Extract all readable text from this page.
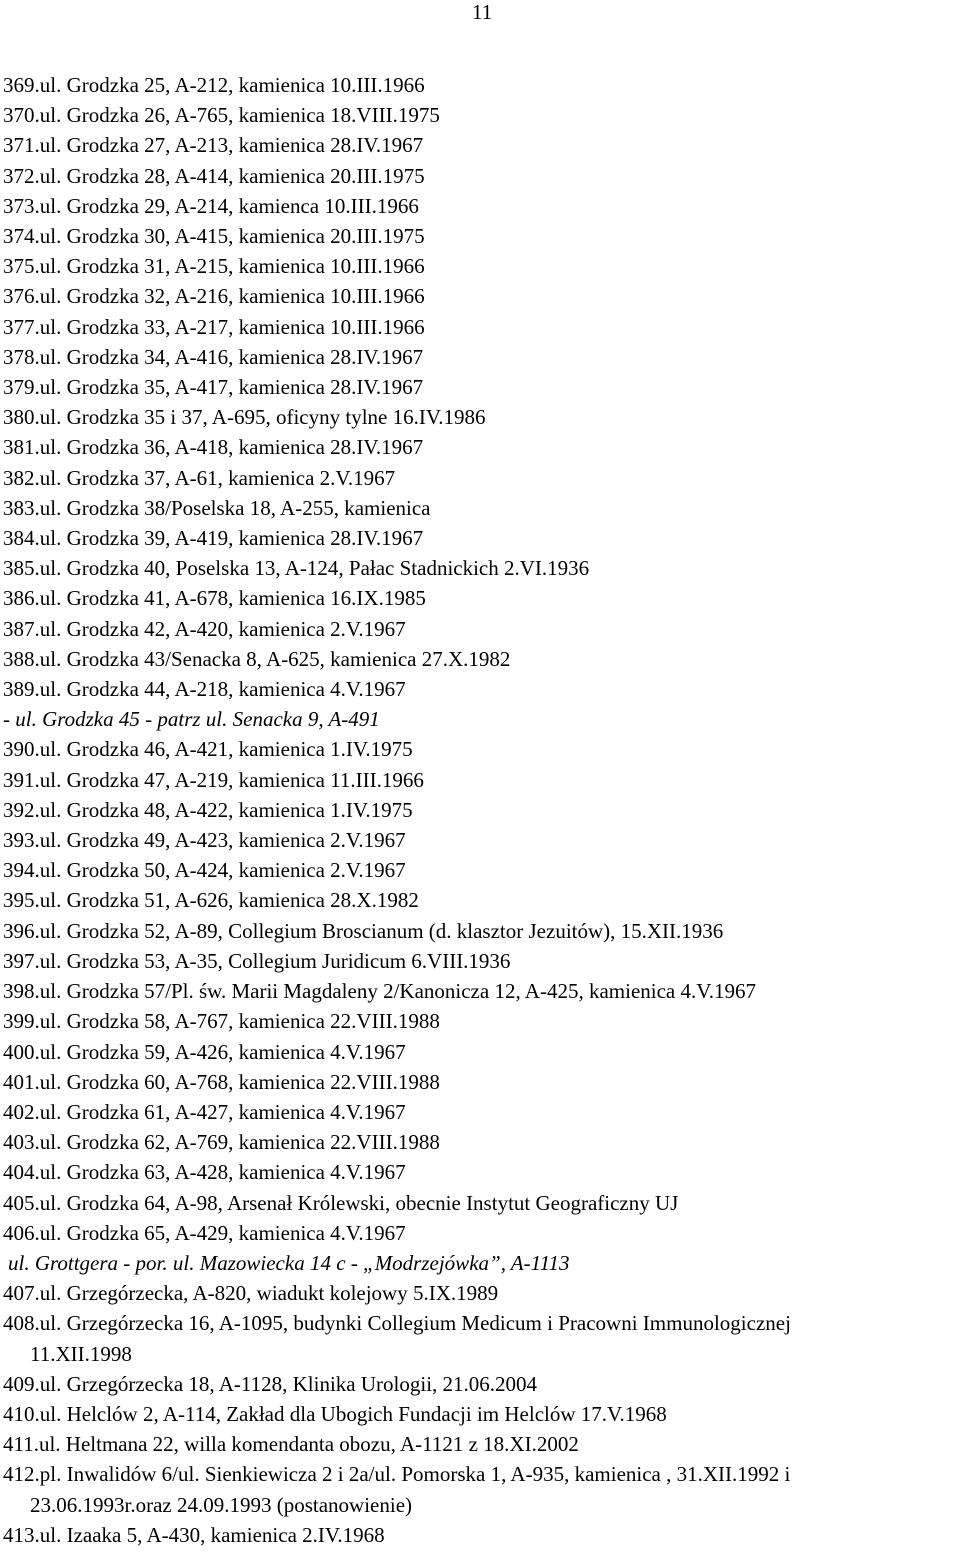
11
369.ul. Grodzka 25, A-212, kamienica 10.III.1966
370.ul. Grodzka 26, A-765, kamienica 18.VIII.1975
371.ul. Grodzka 27, A-213, kamienica 28.IV.1967
372.ul. Grodzka 28, A-414, kamienica 20.III.1975
373.ul. Grodzka 29, A-214, kamienca 10.III.1966
374.ul. Grodzka 30, A-415, kamienica 20.III.1975
375.ul. Grodzka 31, A-215, kamienica 10.III.1966
376.ul. Grodzka 32, A-216, kamienica 10.III.1966
377.ul. Grodzka 33, A-217, kamienica 10.III.1966
378.ul. Grodzka 34, A-416, kamienica 28.IV.1967
379.ul. Grodzka 35, A-417, kamienica 28.IV.1967
380.ul. Grodzka 35 i 37, A-695, oficyny tylne 16.IV.1986
381.ul. Grodzka 36, A-418, kamienica 28.IV.1967
382.ul. Grodzka 37, A-61, kamienica 2.V.1967
383.ul. Grodzka 38/Poselska 18, A-255, kamienica
384.ul. Grodzka 39, A-419, kamienica 28.IV.1967
385.ul. Grodzka 40, Poselska 13, A-124, Pałac Stadnickich 2.VI.1936
386.ul. Grodzka 41, A-678, kamienica 16.IX.1985
387.ul. Grodzka 42, A-420, kamienica 2.V.1967
388.ul. Grodzka 43/Senacka 8, A-625, kamienica 27.X.1982
389.ul. Grodzka 44, A-218, kamienica 4.V.1967
- ul. Grodzka 45 - patrz ul. Senacka 9, A-491
390.ul. Grodzka 46, A-421, kamienica 1.IV.1975
391.ul. Grodzka 47, A-219, kamienica 11.III.1966
392.ul. Grodzka 48, A-422, kamienica 1.IV.1975
393.ul. Grodzka 49, A-423, kamienica 2.V.1967
394.ul. Grodzka 50, A-424, kamienica 2.V.1967
395.ul. Grodzka 51, A-626, kamienica 28.X.1982
396.ul. Grodzka 52, A-89, Collegium Broscianum (d. klasztor Jezuitów), 15.XII.1936
397.ul. Grodzka 53, A-35, Collegium Juridicum 6.VIII.1936
398.ul. Grodzka 57/Pl. św. Marii Magdaleny 2/Kanonicza 12, A-425, kamienica 4.V.1967
399.ul. Grodzka 58, A-767, kamienica 22.VIII.1988
400.ul. Grodzka 59, A-426, kamienica 4.V.1967
401.ul. Grodzka 60, A-768, kamienica 22.VIII.1988
402.ul. Grodzka 61, A-427, kamienica 4.V.1967
403.ul. Grodzka 62, A-769, kamienica 22.VIII.1988
404.ul. Grodzka 63, A-428, kamienica 4.V.1967
405.ul. Grodzka 64, A-98, Arsenał Królewski, obecnie Instytut Geograficzny UJ
406.ul. Grodzka 65, A-429, kamienica 4.V.1967
ul. Grottgera - por. ul. Mazowiecka 14 c - „Modrzejówka”, A-1113
407.ul. Grzegórzecka, A-820, wiadukt kolejowy 5.IX.1989
408.ul. Grzegórzecka 16, A-1095, budynki Collegium Medicum i Pracowni Immunologicznej
11.XII.1998
409.ul. Grzegórzecka 18, A-1128, Klinika Urologii, 21.06.2004
410.ul. Helclów 2, A-114, Zakład dla Ubogich Fundacji im Helclów 17.V.1968
411.ul. Heltmana 22, willa komendanta obozu, A-1121 z 18.XI.2002
412.pl. Inwalidów 6/ul. Sienkiewicza 2 i 2a/ul. Pomorska 1, A-935, kamienica , 31.XII.1992 i
23.06.1993r.oraz 24.09.1993 (postanowienie)
413.ul. Izaaka 5, A-430, kamienica 2.IV.1968
